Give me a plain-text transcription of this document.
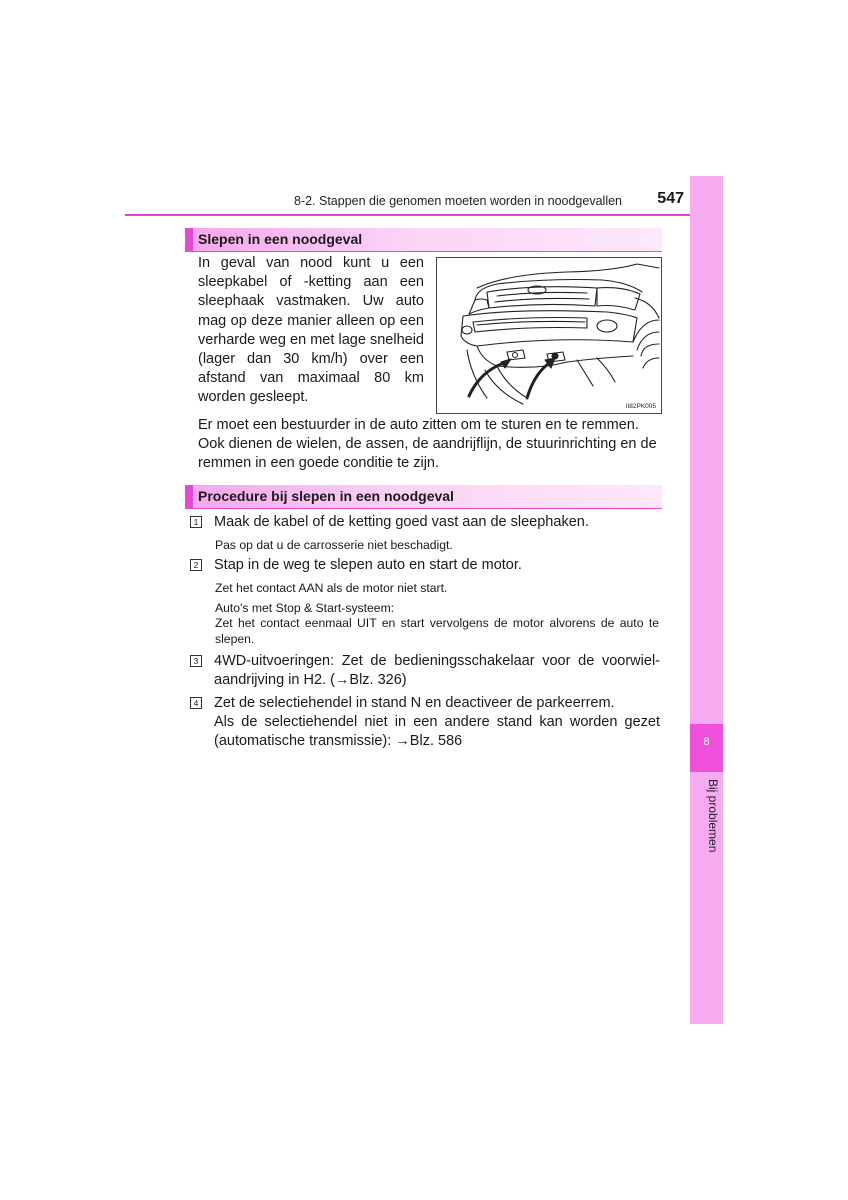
8-2. Stappen die genomen moeten worden in noodgevallen	547
8
Bij problemen
Slepen in een noodgeval
In geval van nood kunt u een sleepkabel of -ketting aan een sleephaak vastmaken. Uw auto mag op deze manier alleen op een verharde weg en met lage snelheid (lager dan 30 km/h) over een afstand van maximaal 80 km worden gesleept.
II82PK005
Er moet een bestuurder in de auto zitten om te sturen en te remmen. Ook dienen de wielen, de assen, de aandrijflijn, de stuurinrichting en de remmen in een goede conditie te zijn.
Procedure bij slepen in een noodgeval
1 Maak de kabel of de ketting goed vast aan de sleephaken.
Pas op dat u de carrosserie niet beschadigt.
2 Stap in de weg te slepen auto en start de motor.
Zet het contact AAN als de motor niet start.
Auto's met Stop & Start-systeem:
Zet het contact eenmaal UIT en start vervolgens de motor alvorens de auto te slepen.
3 4WD-uitvoeringen: Zet de bedieningsschakelaar voor de voorwiel-aandrijving in H2. (→Blz. 326)
4 Zet de selectiehendel in stand N en deactiveer de parkeerrem.
Als de selectiehendel niet in een andere stand kan worden gezet (automatische transmissie): →Blz. 586
